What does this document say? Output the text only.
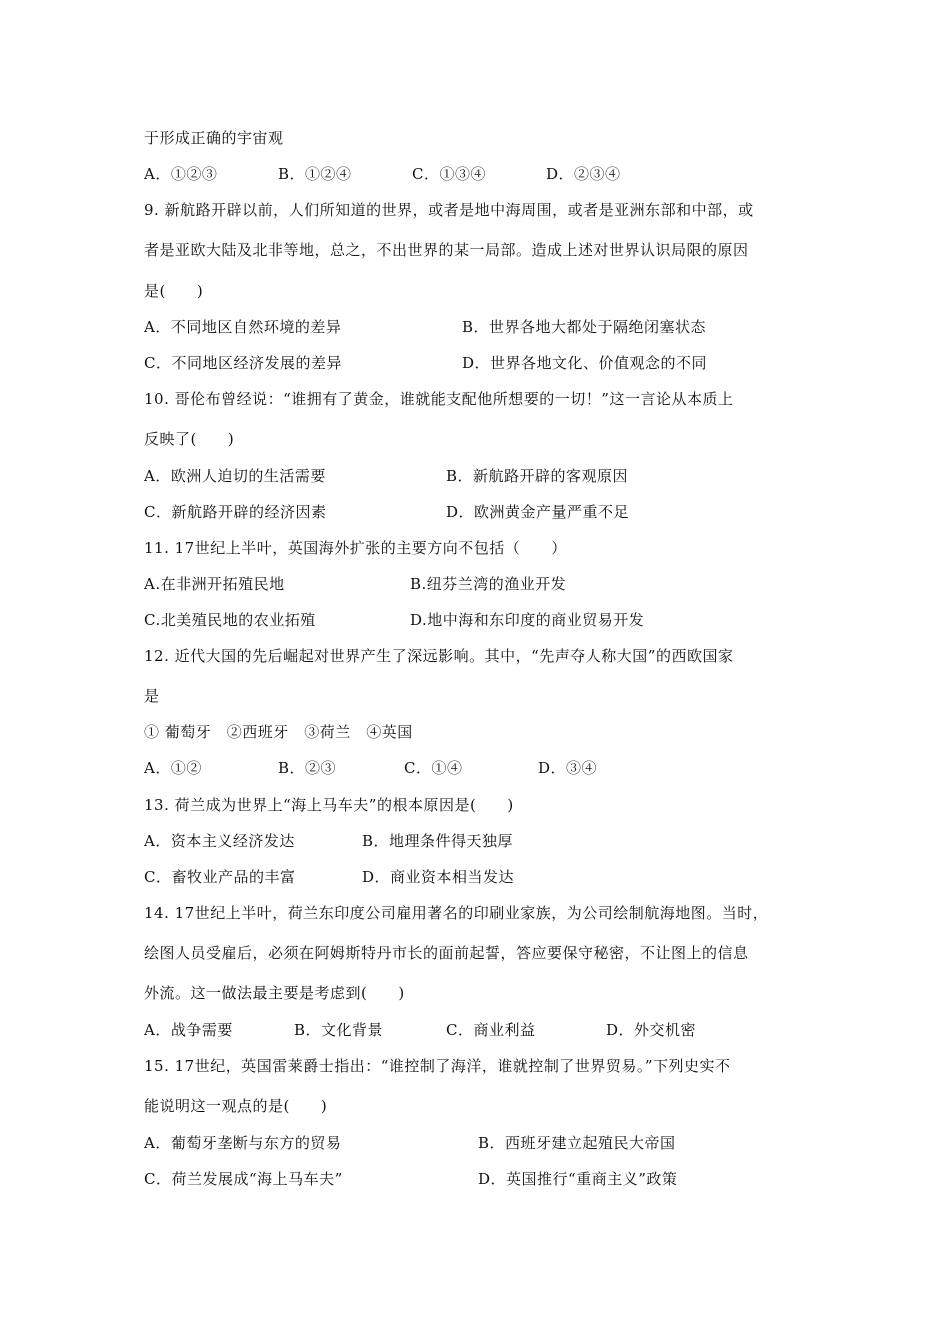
于形成正确的宇宙观
A．①②③	B．①②④	C．①③④	D．②③④
9. 新航路开辟以前，人们所知道的世界，或者是地中海周围，或者是亚洲东部和中部，或
者是亚欧大陆及北非等地，总之，不出世界的某一局部。造成上述对世界认识局限的原因
是(　　)
A．不同地区自然环境的差异	B．世界各地大都处于隔绝闭塞状态
C．不同地区经济发展的差异	D．世界各地文化、价值观念的不同
10. 哥伦布曾经说：“谁拥有了黄金，谁就能支配他所想要的一切！”这一言论从本质上
反映了(　　)
A．欧洲人迫切的生活需要	B．新航路开辟的客观原因
C．新航路开辟的经济因素	D．欧洲黄金产量严重不足
11. 17世纪上半叶，英国海外扩张的主要方向不包括（　　）
A.在非洲开拓殖民地	B.纽芬兰湾的渔业开发
C.北美殖民地的农业拓殖	D.地中海和东印度的商业贸易开发
12. 近代大国的先后崛起对世界产生了深远影响。其中，“先声夺人称大国”的西欧国家
是
① 葡萄牙　②西班牙　③荷兰　④英国
A．①②	B．②③	C．①④	D．③④
13. 荷兰成为世界上“海上马车夫”的根本原因是(　　)
A．资本主义经济发达	B．地理条件得天独厚
C．畜牧业产品的丰富	D．商业资本相当发达
14. 17世纪上半叶，荷兰东印度公司雇用著名的印刷业家族，为公司绘制航海地图。当时，
绘图人员受雇后，必须在阿姆斯特丹市长的面前起誓，答应要保守秘密，不让图上的信息
外流。这一做法最主要是考虑到(　　)
A．战争需要	B．文化背景	C．商业利益	D．外交机密
15. 17世纪，英国雷莱爵士指出：“谁控制了海洋，谁就控制了世界贸易。”下列史实不
能说明这一观点的是(　　)
A．葡萄牙垄断与东方的贸易	B．西班牙建立起殖民大帝国
C．荷兰发展成“海上马车夫”	D．英国推行“重商主义”政策
